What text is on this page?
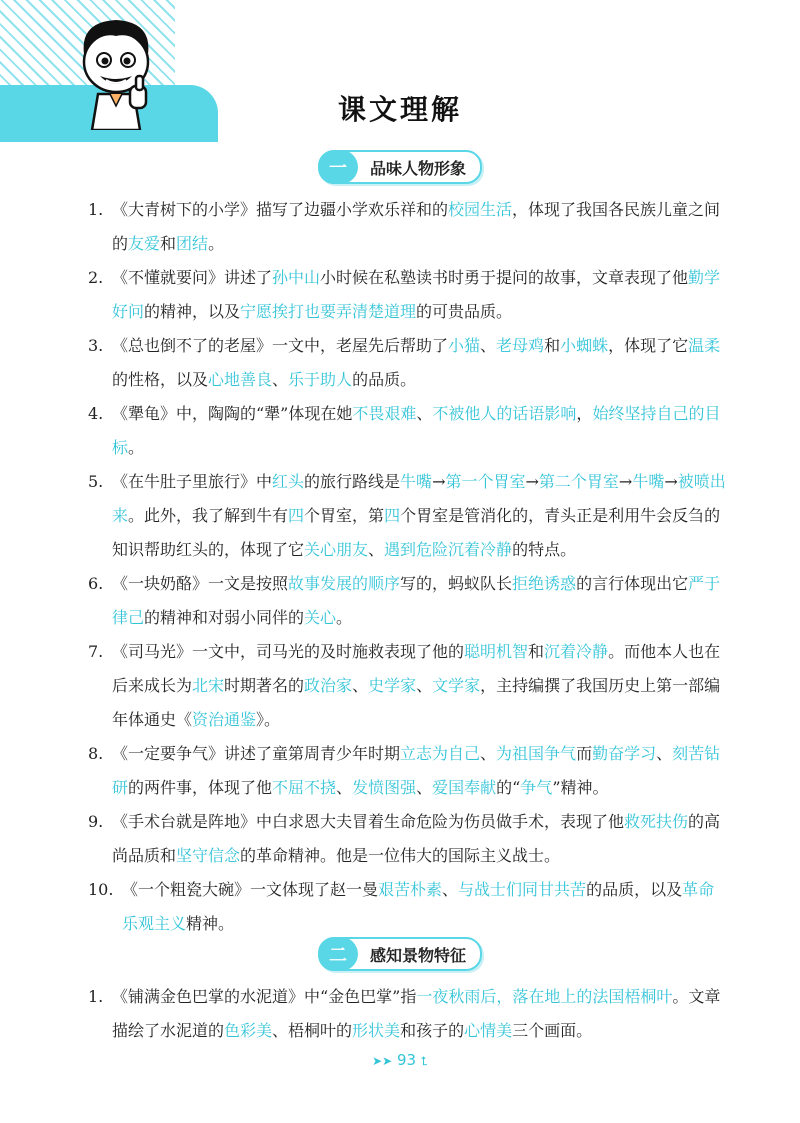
课文理解
一	品味人物形象
1. 《大青树下的小学》描写了边疆小学欢乐祥和的校园生活，体现了我国各民族儿童之间的友爱和团结。
2. 《不懂就要问》讲述了孙中山小时候在私塾读书时勇于提问的故事，文章表现了他勤学好问的精神，以及宁愿挨打也要弄清楚道理的可贵品质。
3. 《总也倒不了的老屋》一文中，老屋先后帮助了小猫、老母鸡和小蜘蛛，体现了它温柔的性格，以及心地善良、乐于助人的品质。
4. 《犟龟》中，陶陶的“犟”体现在她不畏艰难、不被他人的话语影响，始终坚持自己的目标。
5. 《在牛肚子里旅行》中红头的旅行路线是牛嘴→第一个胃室→第二个胃室→牛嘴→被喷出来。此外，我了解到牛有四个胃室，第四个胃室是管消化的，青头正是利用牛会反刍的知识帮助红头的，体现了它关心朋友、遇到危险沉着冷静的特点。
6. 《一块奶酪》一文是按照故事发展的顺序写的，蚂蚁队长拒绝诱惑的言行体现出它严于律己的精神和对弱小同伴的关心。
7. 《司马光》一文中，司马光的及时施救表现了他的聪明机智和沉着冷静。而他本人也在后来成长为北宋时期著名的政治家、史学家、文学家，主持编撰了我国历史上第一部编年体通史《资治通鉴》。
8. 《一定要争气》讲述了童第周青少年时期立志为自己、为祖国争气而勤奋学习、刻苦钻研的两件事，体现了他不屈不挠、发愤图强、爱国奉献的“争气”精神。
9. 《手术台就是阵地》中白求恩大夫冒着生命危险为伤员做手术，表现了他救死扶伤的高尚品质和坚守信念的革命精神。他是一位伟大的国际主义战士。
10. 《一个粗瓷大碗》一文体现了赵一曼艰苦朴素、与战士们同甘共苦的品质，以及革命乐观主义精神。
二	感知景物特征
1. 《铺满金色巴掌的水泥道》中“金色巴掌”指一夜秋雨后，落在地上的法国梧桐叶。文章描绘了水泥道的色彩美、梧桐叶的形状美和孩子的心情美三个画面。
➤➤ 93 ⮤
